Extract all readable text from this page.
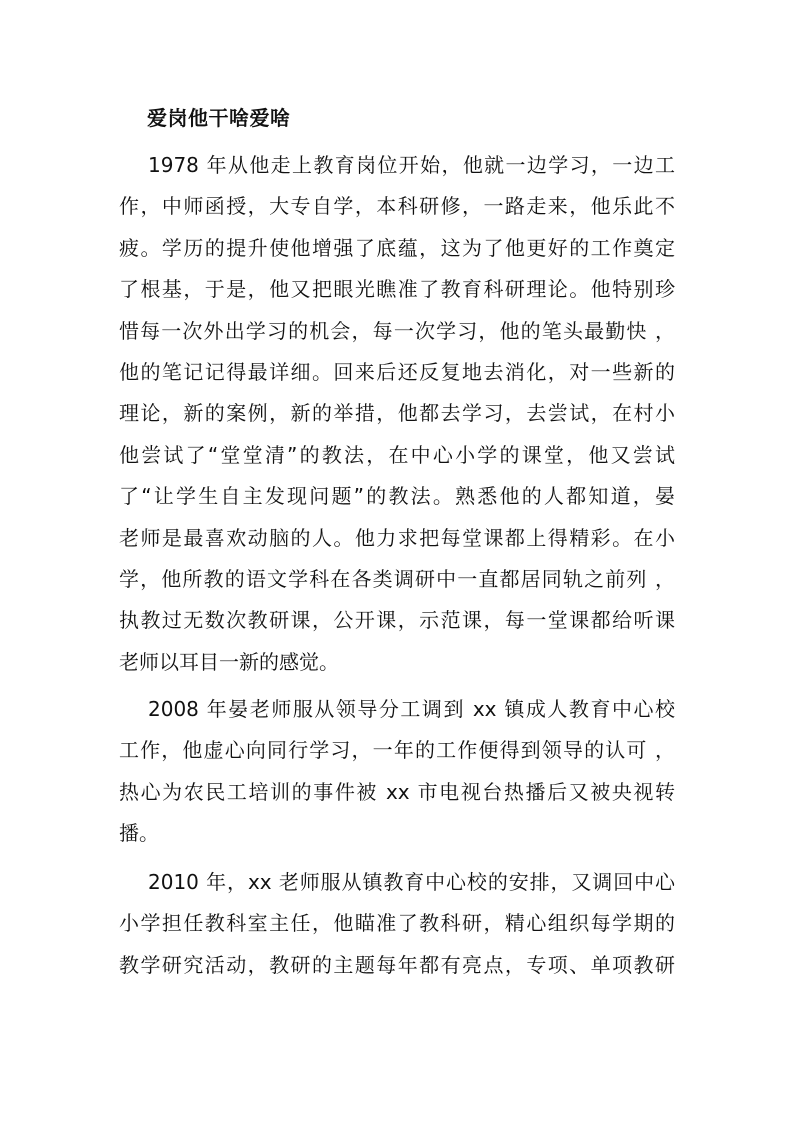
爱岗他干啥爱啥
1978 年从他走上教育岗位开始，他就一边学习，一边工
作，中师函授，大专自学，本科研修，一路走来，他乐此不
疲。学历的提升使他增强了底蕴，这为了他更好的工作奠定
了根基，于是，他又把眼光瞧准了教育科研理论。他特别珍
惜每一次外出学习的机会，每一次学习，他的笔头最勤快 ，
他的笔记记得最详细。回来后还反复地去消化，对一些新的
理论，新的案例，新的举措，他都去学习，去尝试，在村小
他尝试了“堂堂清”的教法，在中心小学的课堂，他又尝试
了“让学生自主发现问题”的教法。熟悉他的人都知道，晏
老师是最喜欢动脑的人。他力求把每堂课都上得精彩。在小
学，他所教的语文学科在各类调研中一直都居同轨之前列 ，
执教过无数次教研课，公开课，示范课，每一堂课都给听课
老师以耳目一新的感觉。
2008 年晏老师服从领导分工调到 xx 镇成人教育中心校
工作，他虚心向同行学习，一年的工作便得到领导的认可 ，
热心为农民工培训的事件被 xx 市电视台热播后又被央视转
播。
2010 年，xx 老师服从镇教育中心校的安排，又调回中心
小学担任教科室主任，他瞄准了教科研，精心组织每学期的
教学研究活动，教研的主题每年都有亮点，专项、单项教研
